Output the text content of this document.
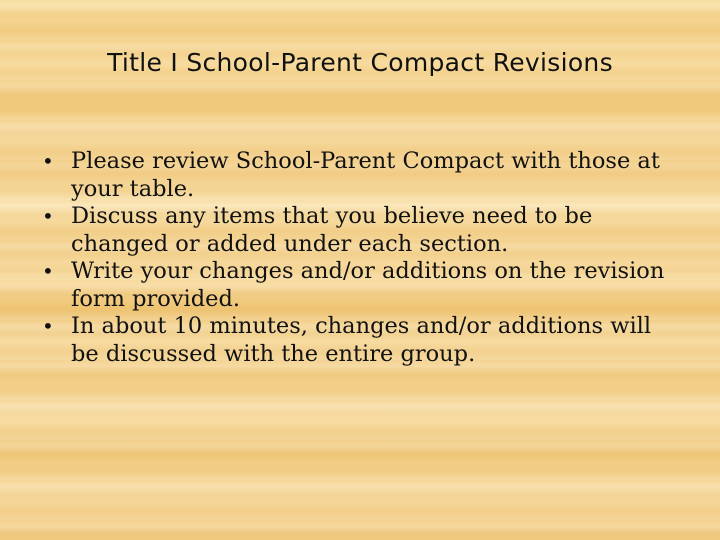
Title I School-Parent Compact Revisions
• Please review School-Parent Compact with those at your table.
• Discuss any items that you believe need to be changed or added under each section.
• Write your changes and/or additions on the revision form provided.
• In about 10 minutes, changes and/or additions will be discussed with the entire group.
